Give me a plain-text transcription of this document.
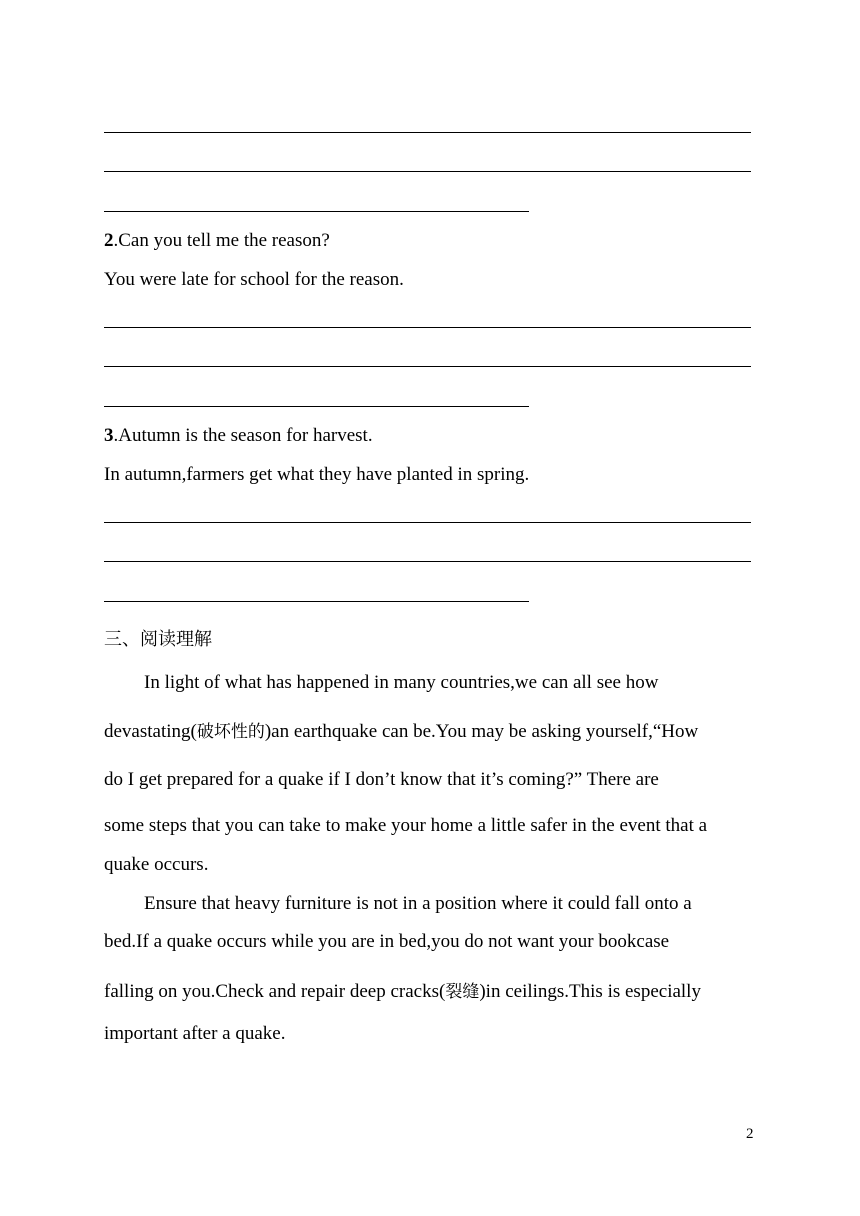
2.Can you tell me the reason?
You were late for school for the reason.
3.Autumn is the season for harvest.
In autumn,farmers get what they have planted in spring.
三、阅读理解
In light of what has happened in many countries,we can all see how
devastating(破坏性的)an earthquake can be.You may be asking yourself,“How
do I get prepared for a quake if I don’t know that it’s coming?” There are
some steps that you can take to make your home a little safer in the event that a
quake occurs.
Ensure that heavy furniture is not in a position where it could fall onto a
bed.If a quake occurs while you are in bed,you do not want your bookcase
falling on you.Check and repair deep cracks(裂缝)in ceilings.This is especially
important after a quake.
2
